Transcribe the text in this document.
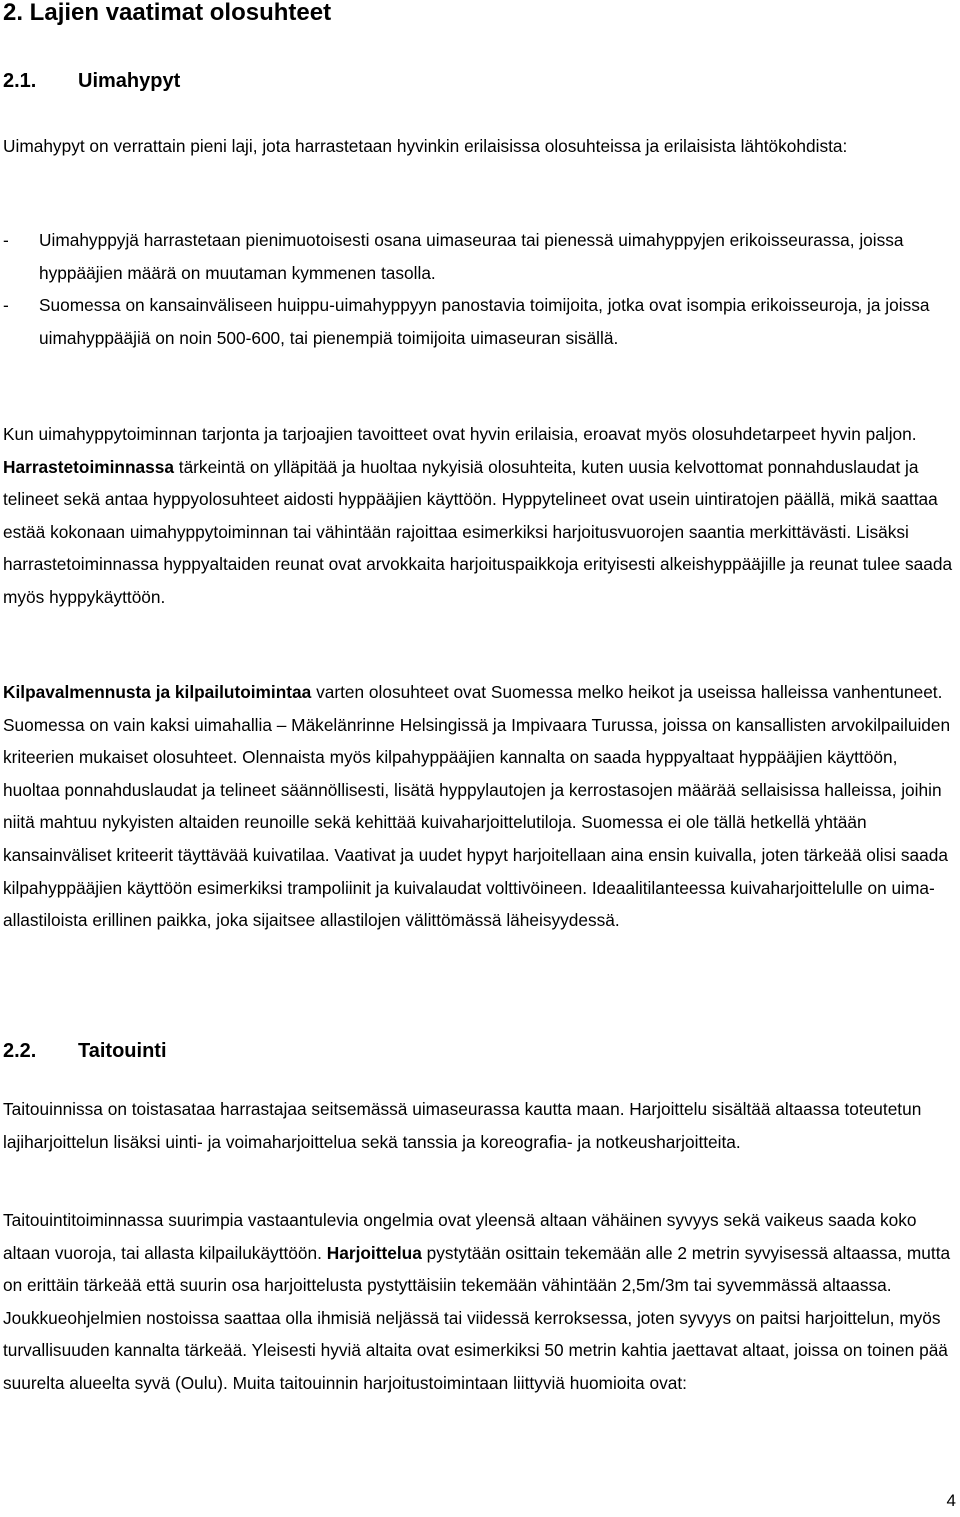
2. Lajien vaatimat olosuhteet
2.1.	Uimahypyt

Uimahypyt on verrattain pieni laji, jota harrastetaan hyvinkin erilaisissa olosuhteissa ja erilaisista lähtökohdista:

-	Uimahyppyjä harrastetaan pienimuotoisesti osana uimaseuraa tai pienessä uimahyppyjen erikoisseurassa, joissa hyppääjien määrä on muutaman kymmenen tasolla.
-	Suomessa on kansainväliseen huippu-uimahyppyyn panostavia toimijoita, jotka ovat isompia erikoisseuroja, ja joissa uimahyppääjiä on noin 500-600, tai pienempiä toimijoita uimaseuran sisällä.

Kun uimahyppytoiminnan tarjonta ja tarjoajien tavoitteet ovat hyvin erilaisia, eroavat myös olosuhdetarpeet hyvin paljon. Harrastetoiminnassa tärkeintä on ylläpitää ja huoltaa nykyisiä olosuhteita, kuten uusia kelvottomat ponnahduslaudat ja telineet sekä antaa hyppyolosuhteet aidosti hyppääjien käyttöön. Hyppytelineet ovat usein uintiratojen päällä, mikä saattaa estää kokonaan uimahyppytoiminnan tai vähintään rajoittaa esimerkiksi harjoitusvuorojen saantia merkittävästi. Lisäksi harrastetoiminnassa hyppyaltaiden reunat ovat arvokkaita harjoituspaikkoja erityisesti alkeishyppääjille ja reunat tulee saada myös hyppykäyttöön.

Kilpavalmennusta ja kilpailutoimintaa varten olosuhteet ovat Suomessa melko heikot ja useissa halleissa vanhentuneet. Suomessa on vain kaksi uimahallia – Mäkelänrinne Helsingissä ja Impivaara Turussa, joissa on kansallisten arvokilpailuiden kriteerien mukaiset olosuhteet. Olennaista myös kilpahyppääjien kannalta on saada hyppyaltaat hyppääjien käyttöön, huoltaa ponnahduslaudat ja telineet säännöllisesti, lisätä hyppylautojen ja kerrostasojen määrää sellaisissa halleissa, joihin niitä mahtuu nykyisten altaiden reunoille sekä kehittää kuivaharjoittelutiloja. Suomessa ei ole tällä hetkellä yhtään kansainväliset kriteerit täyttävää kuivatilaa. Vaativat ja uudet hypyt harjoitellaan aina ensin kuivalla, joten tärkeää olisi saada kilpahyppääjien käyttöön esimerkiksi trampoliinit ja kuivalaudat volttivöineen. Ideaalitilanteessa kuivaharjoittelulle on uima-allastiloista erillinen paikka, joka sijaitsee allastilojen välittömässä läheisyydessä.

2.2.	Taitouinti

Taitouinnissa on toistasataa harrastajaa seitsemässä uimaseurassa kautta maan. Harjoittelu sisältää altaassa toteutetun lajiharjoittelun lisäksi uinti- ja voimaharjoittelua sekä tanssia ja koreografia- ja notkeusharjoitteita.

Taitouintitoiminnassa suurimpia vastaantulevia ongelmia ovat yleensä altaan vähäinen syvyys sekä vaikeus saada koko altaan vuoroja, tai allasta kilpailukäyttöön. Harjoittelua pystytään osittain tekemään alle 2 metrin syvyisessä altaassa, mutta on erittäin tärkeää että suurin osa harjoittelusta pystyttäisiin tekemään vähintään 2,5m/3m tai syvemmässä altaassa. Joukkueohjelmien nostoissa saattaa olla ihmisiä neljässä tai viidessä kerroksessa, joten syvyys on paitsi harjoittelun, myös turvallisuuden kannalta tärkeää. Yleisesti hyviä altaita ovat esimerkiksi 50 metrin kahtia jaettavat altaat, joissa on toinen pää suurelta alueelta syvä (Oulu). Muita taitouinnin harjoitustoimintaan liittyviä huomioita ovat:

4
